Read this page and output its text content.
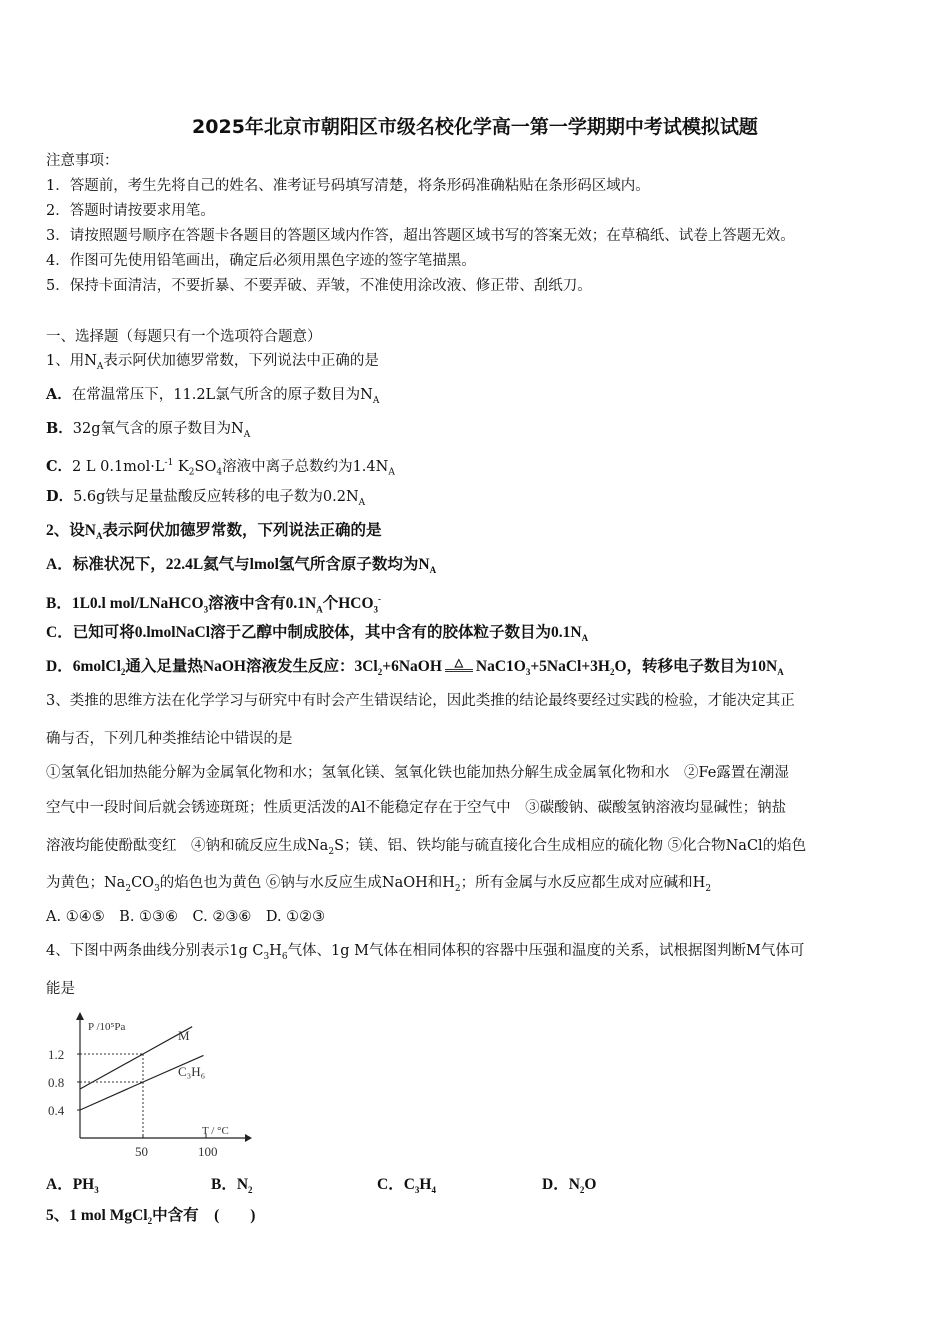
2025年北京市朝阳区市级名校化学高一第一学期期中考试模拟试题
注意事项：
1．答题前，考生先将自己的姓名、准考证号码填写清楚，将条形码准确粘贴在条形码区域内。
2．答题时请按要求用笔。
3．请按照题号顺序在答题卡各题目的答题区域内作答，超出答题区域书写的答案无效；在草稿纸、试卷上答题无效。
4．作图可先使用铅笔画出，确定后必须用黑色字迹的签字笔描黑。
5．保持卡面清洁，不要折暴、不要弄破、弄皱，不准使用涂改液、修正带、刮纸刀。
一、选择题（每题只有一个选项符合题意）
1、用$N_A$表示阿伏加德罗常数，下列说法中正确的是
A．在常温常压下，11.2L氯气所含的原子数目为$N_A$
B．32g氧气含的原子数目为$N_A$
C．2 L $0.1mol\cdot L^{-1}$ $K_2SO_4$溶液中离子总数约为$1.4N_A$
D．5.6g铁与足量盐酸反应转移的电子数为$0.2N_A$
2、设$N_A$表示阿伏加德罗常数，下列说法正确的是
A．标准状况下，22.4L氦气与lmol氢气所含原子数均为$N_A$
B．1L0.l mol/LNaHCO$_3$溶液中含有$0.1N_A$个$HCO_3^-$
C．已知可将0.lmolNaCl溶于乙醇中制成胶体，其中含有的胶体粒子数目为$0.1N_A$
D．6molCl$_2$通入足量热NaOH溶液发生反应：$3Cl_2+6NaOH$ △ $NaC1O_3+5NaCl+3H_2O$，转移电子数目为$10N_A$
3、类推的思维方法在化学学习与研究中有时会产生错误结论，因此类推的结论最终要经过实践的检验，才能决定其正
确与否，下列几种类推结论中错误的是
①氢氧化铝加热能分解为金属氧化物和水；氢氧化镁、氢氧化铁也能加热分解生成金属氧化物和水　②Fe露置在潮湿
空气中一段时间后就会锈迹斑斑；性质更活泼的Al不能稳定存在于空气中　③碳酸钠、碳酸氢钠溶液均显碱性；钠盐
溶液均能使酚酞变红　④钠和硫反应生成$Na_2S$；镁、铝、铁均能与硫直接化合生成相应的硫化物 ⑤化合物NaCl的焰色
为黄色；$Na_2CO_3$的焰色也为黄色 ⑥钠与水反应生成NaOH和$H_2$；所有金属与水反应都生成对应碱和$H_2$
A. ①④⑤　B. ①③⑥　C. ②③⑥　D. ①②③
4、下图中两条曲线分别表示1g $C_3H_6$气体、1g M气体在相同体积的容器中压强和温度的关系，试根据图判断M气体可
能是
5、1 mol MgCl$_2$中含有　(　　)
M
C₃H₆
0.4
0.8
1.2
50	100
P /10⁵Pa
T / °C
A．$PH_3$	B．$N_2$	C．$C_3H_4$	D．$N_2O$
